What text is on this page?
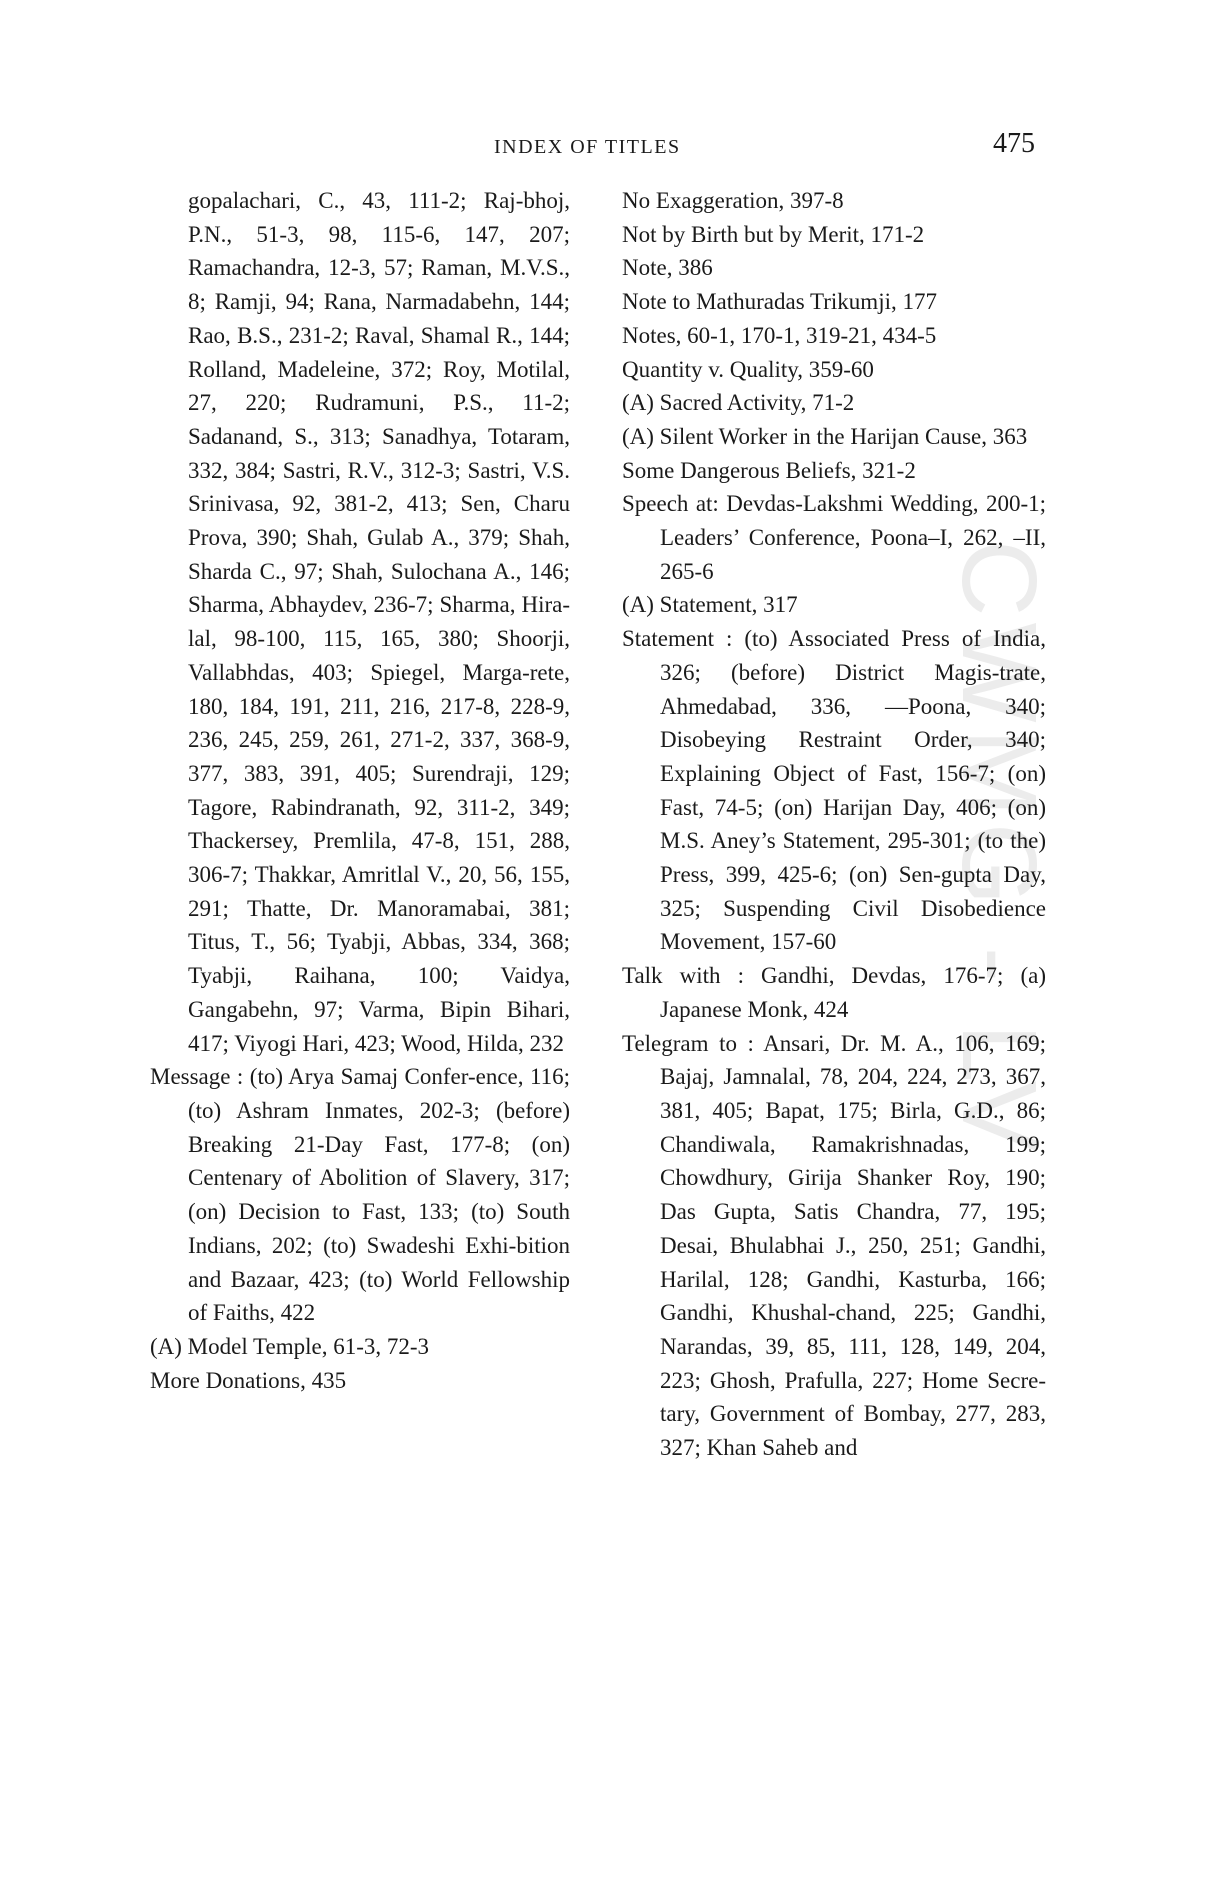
INDEX OF TITLES	475
CWMG - LV
gopalachari, C., 43, 111-2; Raj-bhoj, P.N., 51-3, 98, 115-6, 147, 207; Ramachandra, 12-3, 57; Raman, M.V.S., 8; Ramji, 94; Rana, Narmadabehn, 144; Rao, B.S., 231-2; Raval, Shamal R., 144; Rolland, Madeleine, 372; Roy, Motilal, 27, 220; Rudramuni, P.S., 11-2; Sadanand, S., 313; Sanadhya, Totaram, 332, 384; Sastri, R.V., 312-3; Sastri, V.S. Srinivasa, 92, 381-2, 413; Sen, Charu Prova, 390; Shah, Gulab A., 379; Shah, Sharda C., 97; Shah, Sulochana A., 146; Sharma, Abhaydev, 236-7; Sharma, Hira-lal, 98-100, 115, 165, 380; Shoorji, Vallabhdas, 403; Spiegel, Marga-rete, 180, 184, 191, 211, 216, 217-8, 228-9, 236, 245, 259, 261, 271-2, 337, 368-9, 377, 383, 391, 405; Surendraji, 129; Tagore, Rabindranath, 92, 311-2, 349; Thackersey, Premlila, 47-8, 151, 288, 306-7; Thakkar, Amritlal V., 20, 56, 155, 291; Thatte, Dr. Manoramabai, 381; Titus, T., 56; Tyabji, Abbas, 334, 368; Tyabji, Raihana, 100; Vaidya, Gangabehn, 97; Varma, Bipin Bihari, 417; Viyogi Hari, 423; Wood, Hilda, 232
Message : (to) Arya Samaj Confer-ence, 116; (to) Ashram Inmates, 202-3; (before) Breaking 21-Day Fast, 177-8; (on) Centenary of Abolition of Slavery, 317; (on) Decision to Fast, 133; (to) South Indians, 202; (to) Swadeshi Exhi-bition and Bazaar, 423; (to) World Fellowship of Faiths, 422
(A) Model Temple, 61-3, 72-3
More Donations, 435
No Exaggeration, 397-8
Not by Birth but by Merit, 171-2
Note, 386
Note to Mathuradas Trikumji, 177
Notes, 60-1, 170-1, 319-21, 434-5
Quantity v. Quality, 359-60
(A) Sacred Activity, 71-2
(A) Silent Worker in the Harijan Cause, 363
Some Dangerous Beliefs, 321-2
Speech at: Devdas-Lakshmi Wedding, 200-1; Leaders’ Conference, Poona–I, 262, –II, 265-6
(A) Statement, 317
Statement : (to) Associated Press of India, 326; (before) District Magis-trate, Ahmedabad, 336, —Poona, 340; Disobeying Restraint Order, 340; Explaining Object of Fast, 156-7; (on) Fast, 74-5; (on) Harijan Day, 406; (on) M.S. Aney’s Statement, 295-301; (to the) Press, 399, 425-6; (on) Sen-gupta Day, 325; Suspending Civil Disobedience Movement, 157-60
Talk with : Gandhi, Devdas, 176-7; (a) Japanese Monk, 424
Telegram to : Ansari, Dr. M. A., 106, 169; Bajaj, Jamnalal, 78, 204, 224, 273, 367, 381, 405; Bapat, 175; Birla, G.D., 86; Chandiwala, Ramakrishnadas, 199; Chowdhury, Girija Shanker Roy, 190; Das Gupta, Satis Chandra, 77, 195; Desai, Bhulabhai J., 250, 251; Gandhi, Harilal, 128; Gandhi, Kasturba, 166; Gandhi, Khushal-chand, 225; Gandhi, Narandas, 39, 85, 111, 128, 149, 204, 223; Ghosh, Prafulla, 227; Home Secre-tary, Government of Bombay, 277, 283, 327; Khan Saheb and
